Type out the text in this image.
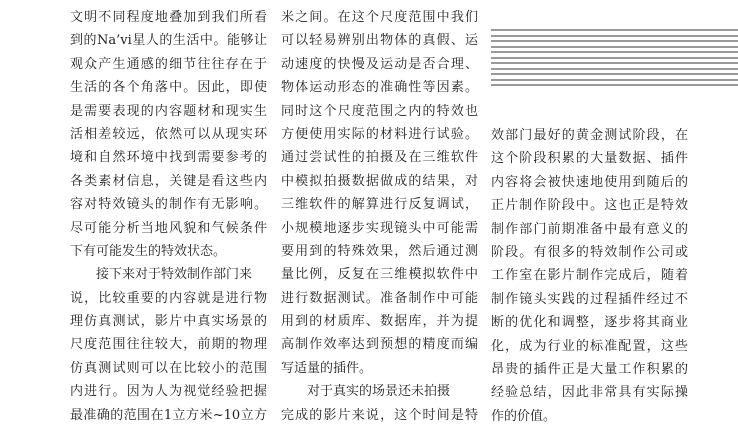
文明不同程度地叠加到我们所看
到的Na’vi星人的生活中。能够让
观众产生通感的细节往往存在于
生活的各个角落中。因此，即使
是需要表现的内容题材和现实生
活相差较远，依然可以从现实环
境和自然环境中找到需要参考的
各类素材信息，关键是看这些内
容对特效镜头的制作有无影响。
尽可能分析当地风貌和气候条件
下有可能发生的特效状态。
接下来对于特效制作部门来
说，比较重要的内容就是进行物
理仿真测试，影片中真实场景的
尺度范围往往较大，前期的物理
仿真测试则可以在比较小的范围
内进行。因为人为视觉经验把握
最准确的范围在1立方米~10立方
米之间。在这个尺度范围中我们
可以轻易辨别出物体的真假、运
动速度的快慢及运动是否合理、
物体运动形态的准确性等因素。
同时这个尺度范围之内的特效也
方便使用实际的材料进行试验。
通过尝试性的拍摄及在三维软件
中模拟拍摄数据做成的结果，对
三维软件的解算进行反复调试，
小规模地逐步实现镜头中可能需
要用到的特殊效果，然后通过测
量比例，反复在三维模拟软件中
进行数据测试。准备制作中可能
用到的材质库、数据库，并为提
高制作效率达到预想的精度而编
写适量的插件。
对于真实的场景还未拍摄
完成的影片来说，这个时间是特
效部门最好的黄金测试阶段，在
这个阶段积累的大量数据、插件
内容将会被快速地使用到随后的
正片制作阶段中。这也正是特效
制作部门前期准备中最有意义的
阶段。有很多的特效制作公司或
工作室在影片制作完成后，随着
制作镜头实践的过程插件经过不
断的优化和调整，逐步将其商业
化，成为行业的标准配置，这些
昂贵的插件正是大量工作积累的
经验总结，因此非常具有实际操
作的价值。
